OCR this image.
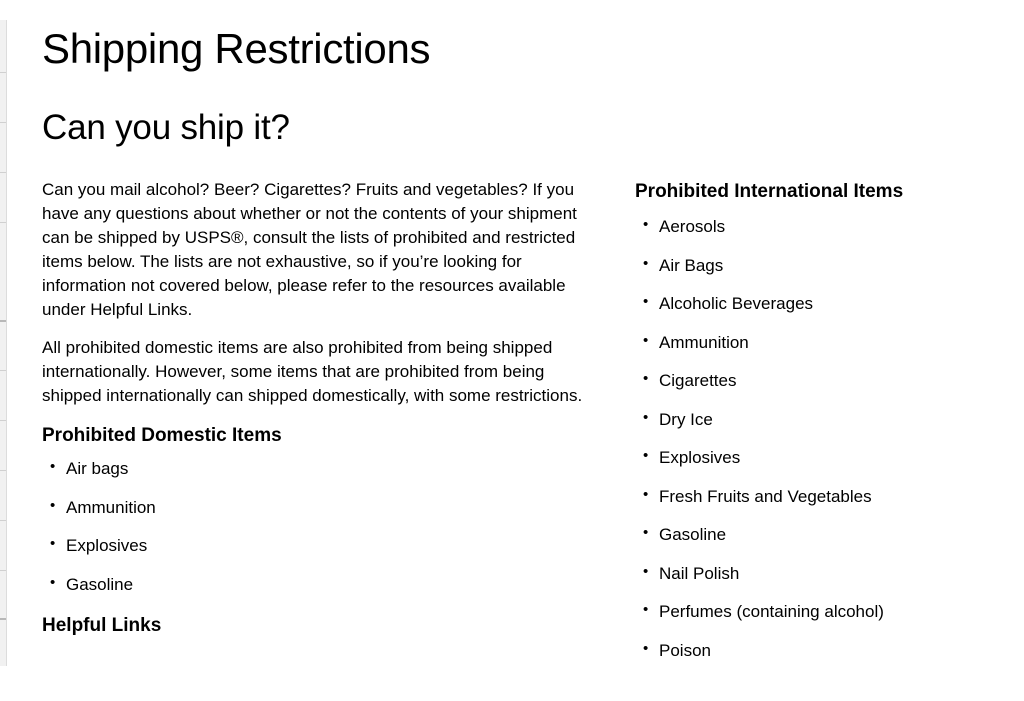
Shipping Restrictions
Can you ship it?

Can you mail alcohol? Beer? Cigarettes? Fruits and vegetables? If you have any questions about whether or not the contents of your shipment can be shipped by USPS®, consult the lists of prohibited and restricted items below. The lists are not exhaustive, so if you’re looking for information not covered below, please refer to the resources available under Helpful Links.

All prohibited domestic items are also prohibited from being shipped internationally. However, some items that are prohibited from being shipped internationally can shipped domestically, with some restrictions.

Prohibited Domestic Items
• Air bags
• Ammunition
• Explosives
• Gasoline
Helpful Links
Prohibited International Items
• Aerosols
• Air Bags
• Alcoholic Beverages
• Ammunition
• Cigarettes
• Dry Ice
• Explosives
• Fresh Fruits and Vegetables
• Gasoline
• Nail Polish
• Perfumes (containing alcohol)
• Poison
